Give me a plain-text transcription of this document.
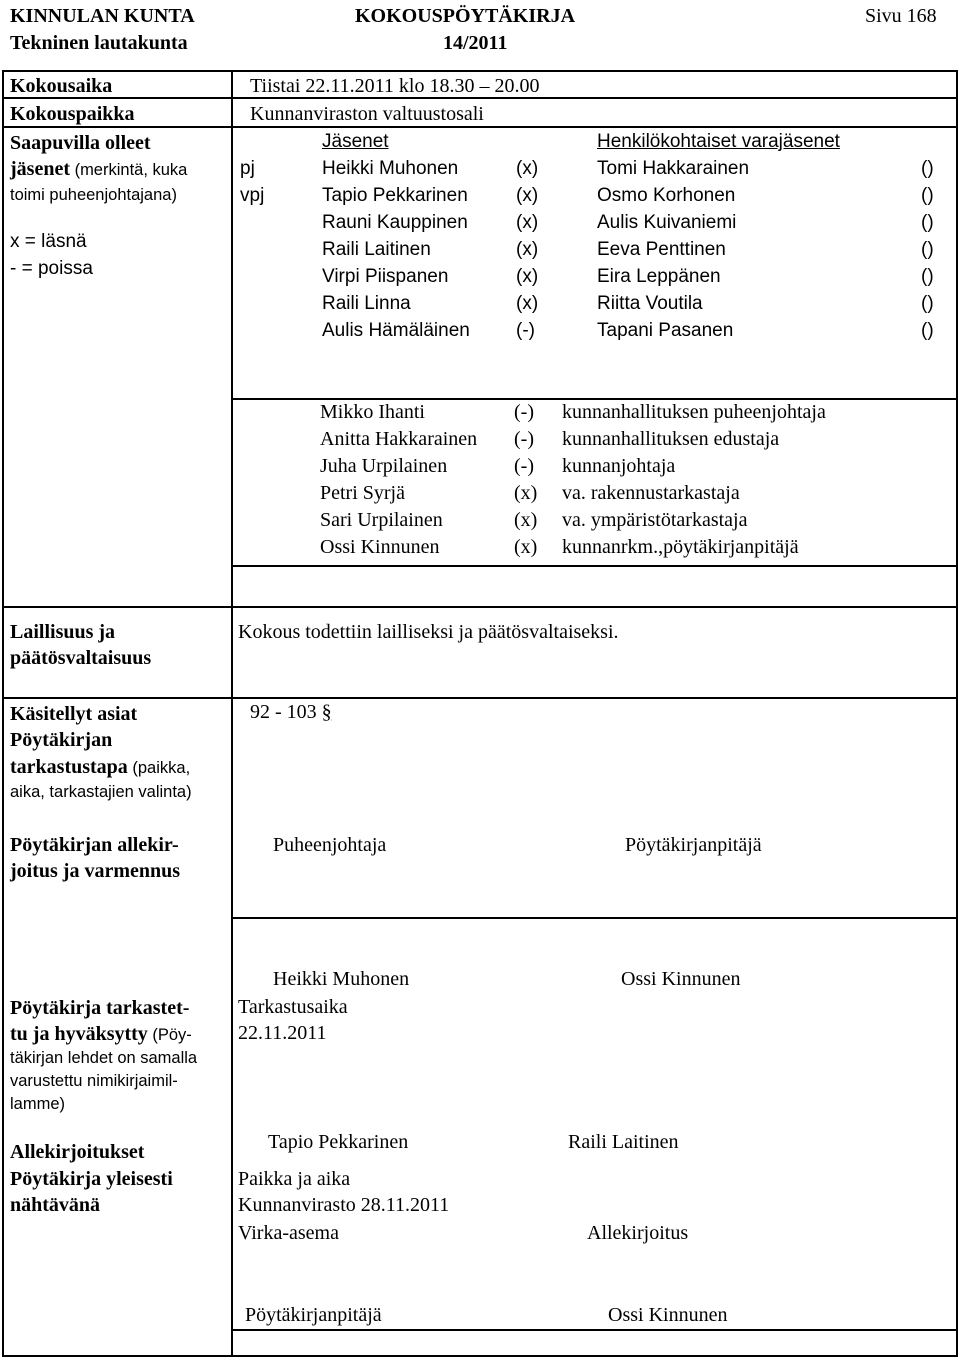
KINNULAN KUNTA
Tekninen lautakunta
KOKOUSPÖYTÄKIRJA
14/2011
Sivu 168
Kokousaika	Tiistai 22.11.2011 klo 18.30 – 20.00
Kokouspaikka	Kunnanviraston valtuustosali
Saapuvilla olleet
jäsenet (merkintä, kuka
toimi puheenjohtajana)
x = läsnä
- = poissa
Jäsenet	Henkilökohtaiset varajäsenet
pj	Heikki Muhonen	(x)	Tomi Hakkarainen	()
vpj	Tapio Pekkarinen	(x)	Osmo Korhonen	()
Rauni Kauppinen	(x)	Aulis Kuivaniemi	()
Raili Laitinen	(x)	Eeva Penttinen	()
Virpi Piispanen	(x)	Eira Leppänen	()
Raili Linna	(x)	Riitta Voutila	()
Aulis Hämäläinen (-)	Tapani Pasanen	()
Mikko Ihanti	(-) kunnanhallituksen puheenjohtaja
Anitta Hakkarainen (-) kunnanhallituksen edustaja
Juha Urpilainen	(-) kunnanjohtaja
Petri Syrjä	(x) va. rakennustarkastaja
Sari Urpilainen	(x) va. ympäristötarkastaja
Ossi Kinnunen	(x) kunnanrkm.,pöytäkirjanpitäjä
Laillisuus ja
päätösvaltaisuus
Kokous todettiin lailliseksi ja päätösvaltaiseksi.
Käsitellyt asiat	92 - 103 §
Pöytäkirjan
tarkastustapa (paikka,
aika, tarkastajien valinta)
Pöytäkirjan allekir-
joitus ja varmennus
Puheenjohtaja	Pöytäkirjanpitäjä
Heikki Muhonen	Ossi Kinnunen
Pöytäkirja tarkastet-
tu ja hyväksytty (Pöy-
täkirjan lehdet on samalla
varustettu nimikirjaimil-
lamme)
Tarkastusaika
22.11.2011
Allekirjoitukset	Tapio Pekkarinen	Raili Laitinen
Pöytäkirja yleisesti
nähtävänä
Paikka ja aika
Kunnanvirasto 28.11.2011
Virka-asema	Allekirjoitus
Pöytäkirjanpitäjä	Ossi Kinnunen
